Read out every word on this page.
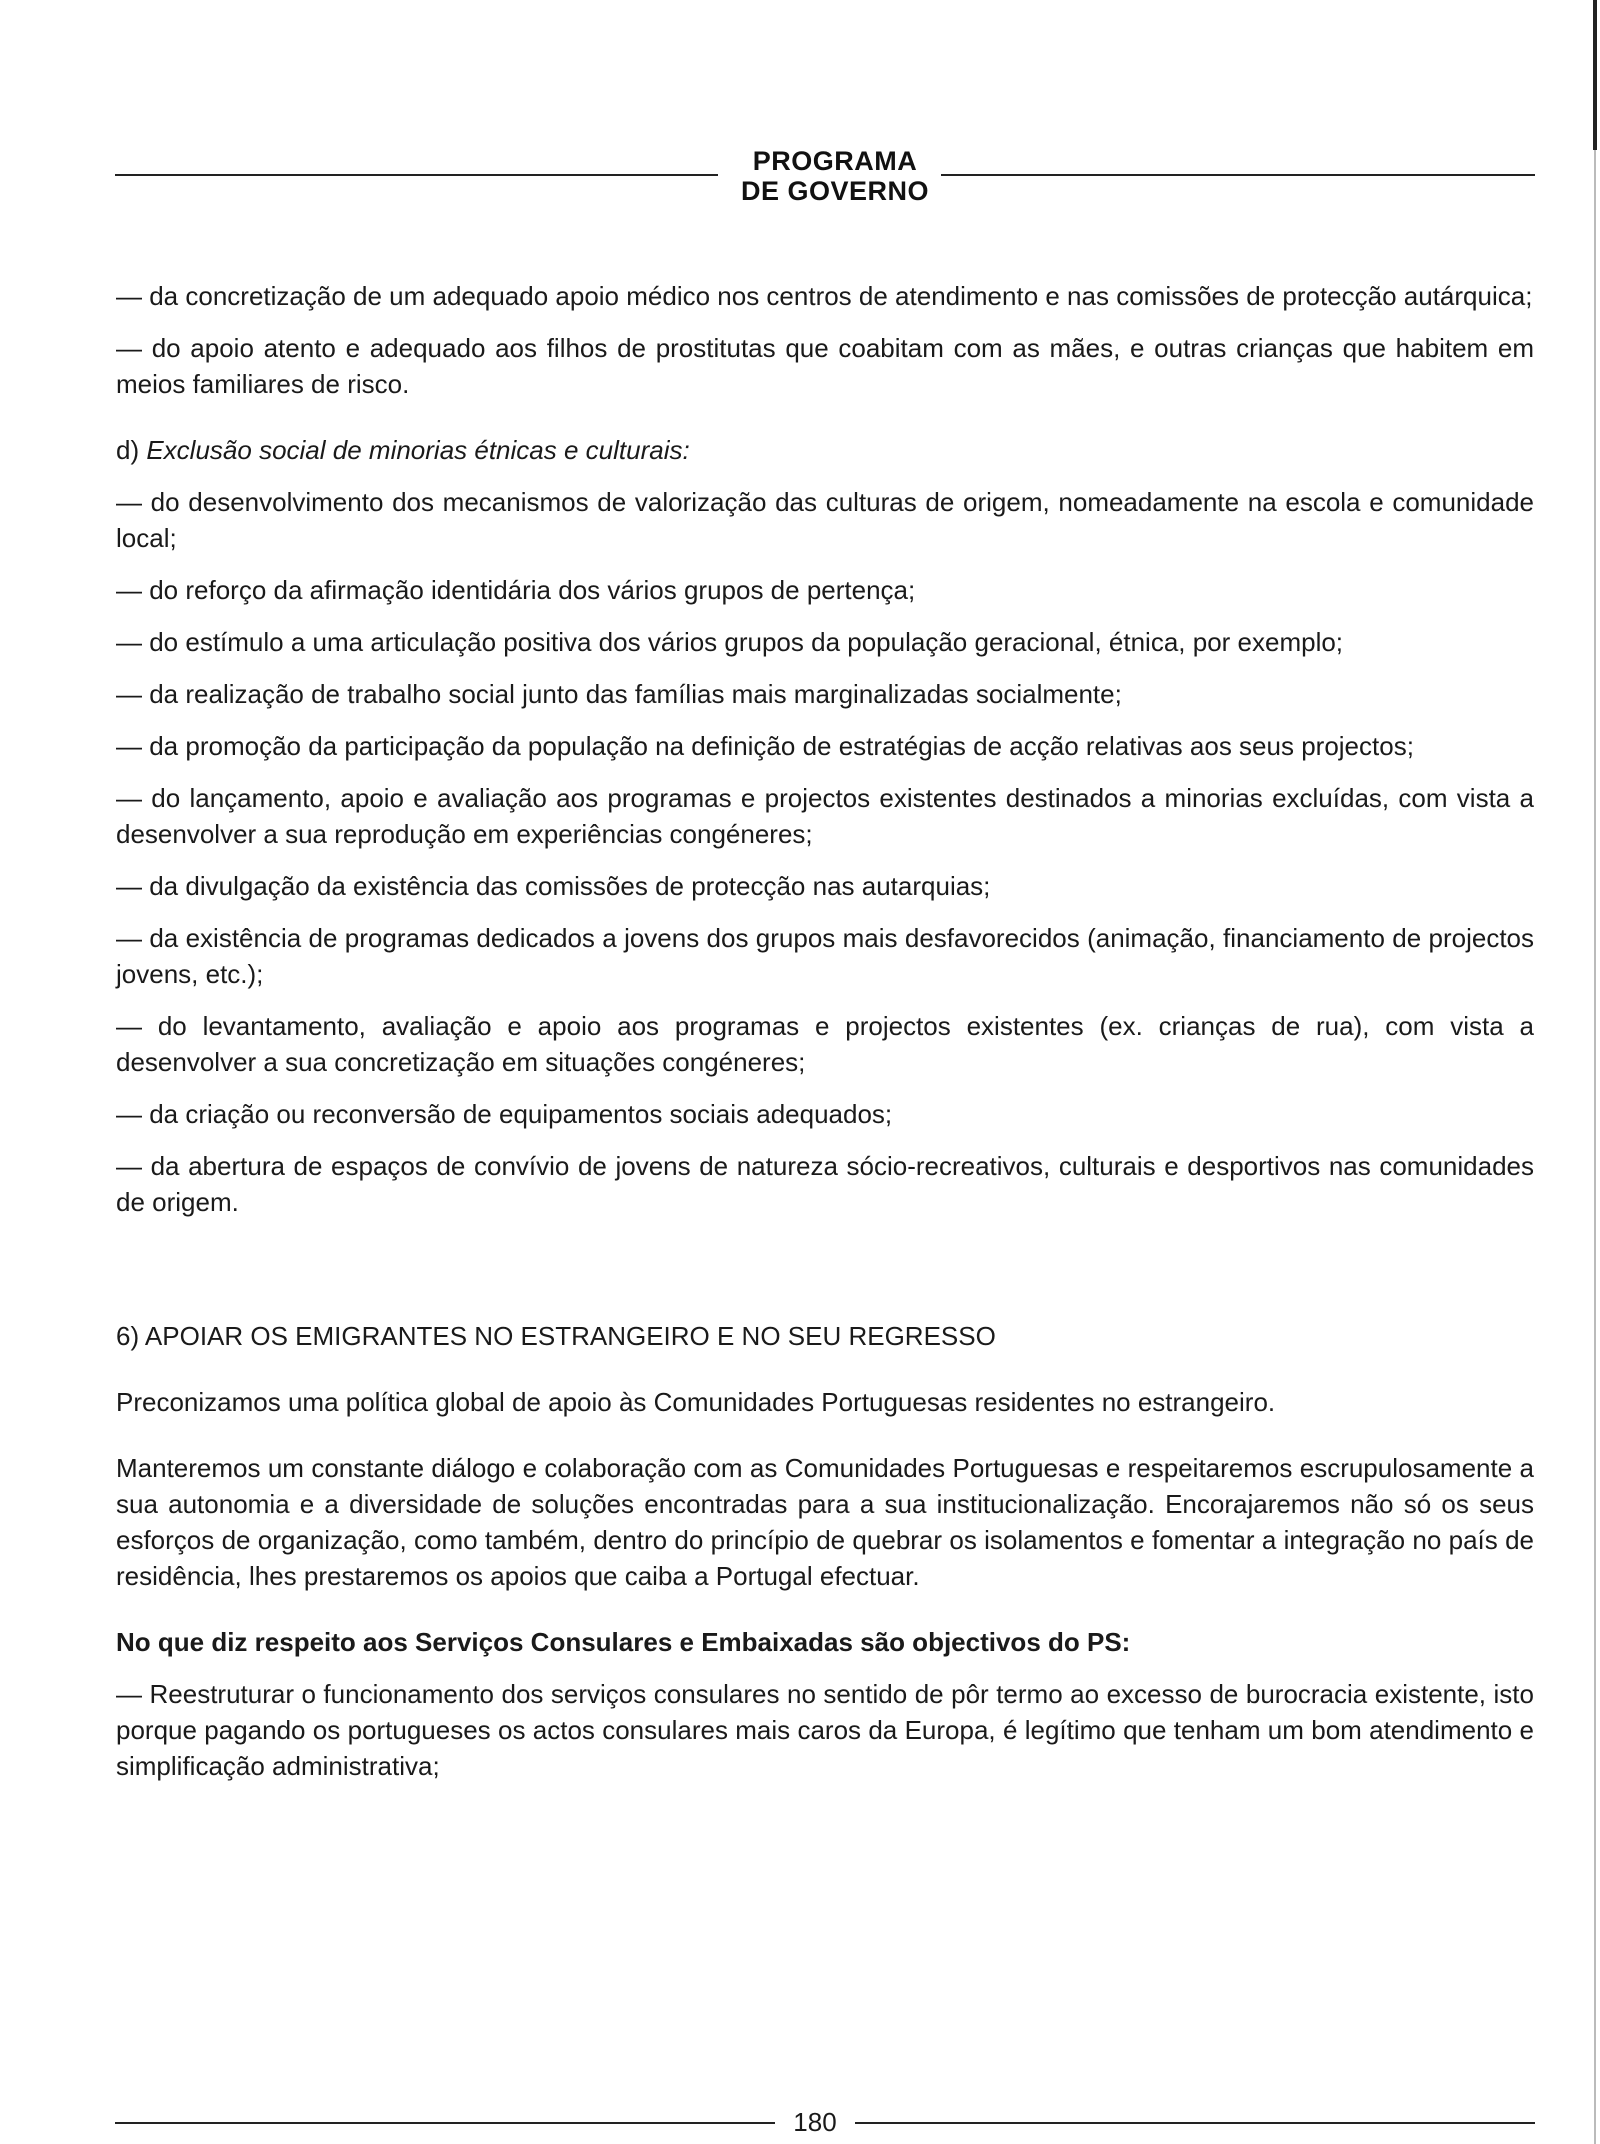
PROGRAMA
DE GOVERNO

— da concretização de um adequado apoio médico nos centros de atendimento e nas comissões de protecção autárquica;

— do apoio atento e adequado aos filhos de prostitutas que coabitam com as mães, e outras crianças que habitem em meios familiares de risco.

d) Exclusão social de minorias étnicas e culturais:

— do desenvolvimento dos mecanismos de valorização das culturas de origem, nomeadamente na escola e comunidade local;

— do reforço da afirmação identidária dos vários grupos de pertença;

— do estímulo a uma articulação positiva dos vários grupos da população geracional, étnica, por exemplo;

— da realização de trabalho social junto das famílias mais marginalizadas socialmente;

— da promoção da participação da população na definição de estratégias de acção relativas aos seus projectos;

— do lançamento, apoio e avaliação aos programas e projectos existentes destinados a minorias excluídas, com vista a desenvolver a sua reprodução em experiências congéneres;

— da divulgação da existência das comissões de protecção nas autarquias;

— da existência de programas dedicados a jovens dos grupos mais desfavorecidos (animação, financiamento de projectos jovens, etc.);

— do levantamento, avaliação e apoio aos programas e projectos existentes (ex. crianças de rua), com vista a desenvolver a sua concretização em situações congéneres;

— da criação ou reconversão de equipamentos sociais adequados;

— da abertura de espaços de convívio de jovens de natureza sócio-recreativos, culturais e desportivos nas comunidades de origem.

6) APOIAR OS EMIGRANTES NO ESTRANGEIRO E NO SEU REGRESSO

Preconizamos uma política global de apoio às Comunidades Portuguesas residentes no estrangeiro.

Manteremos um constante diálogo e colaboração com as Comunidades Portuguesas e respeitaremos escrupulosamente a sua autonomia e a diversidade de soluções encontradas para a sua institucionalização. Encorajaremos não só os seus esforços de organização, como também, dentro do princípio de quebrar os isolamentos e fomentar a integração no país de residência, lhes prestaremos os apoios que caiba a Portugal efectuar.

No que diz respeito aos Serviços Consulares e Embaixadas são objectivos do PS:

— Reestruturar o funcionamento dos serviços consulares no sentido de pôr termo ao excesso de burocracia existente, isto porque pagando os portugueses os actos consulares mais caros da Europa, é legítimo que tenham um bom atendimento e simplificação administrativa;

180
